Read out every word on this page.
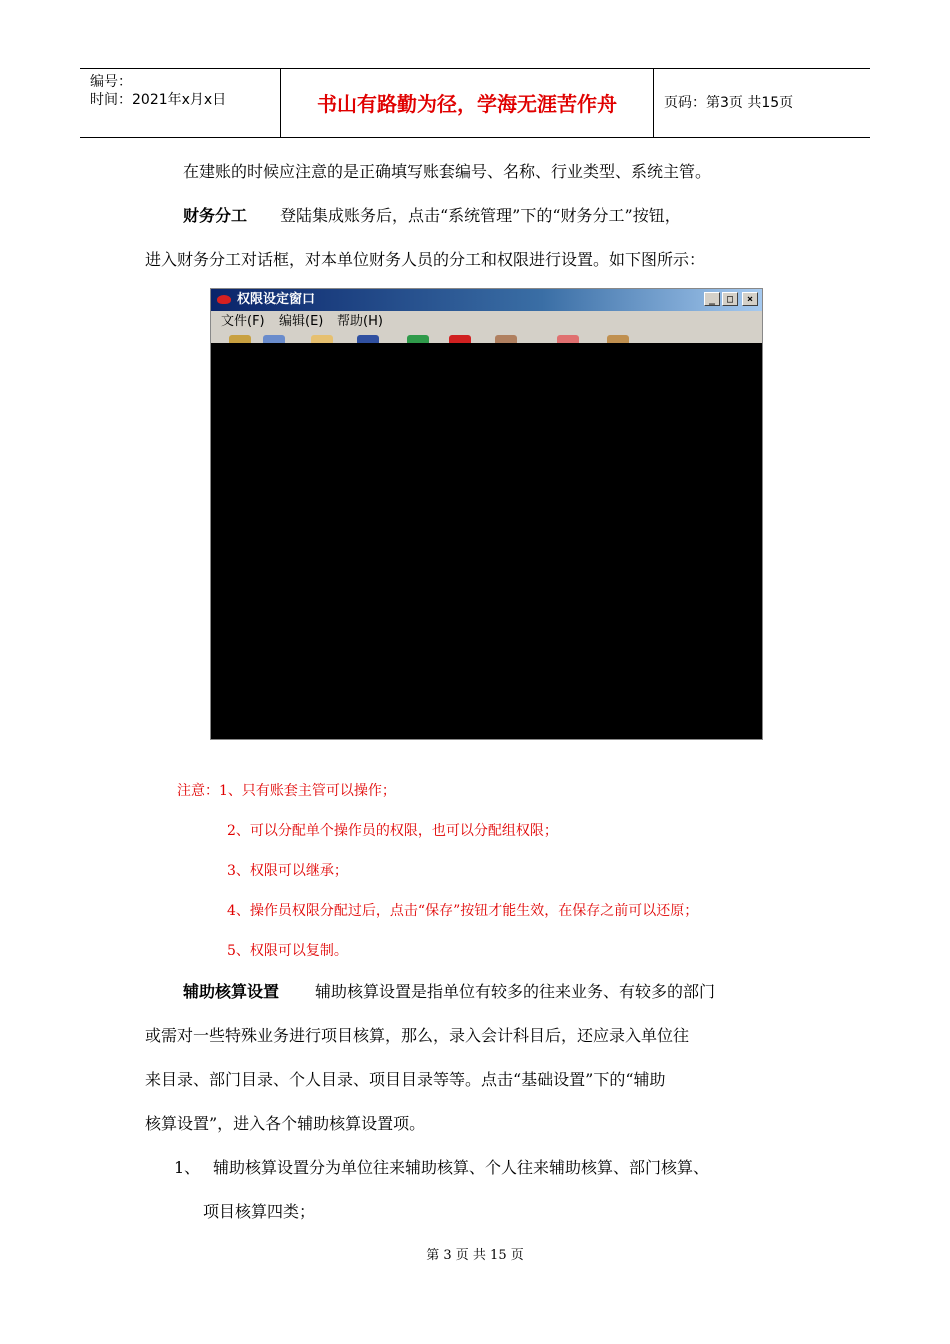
编号：
时间：2021年x月x日	书山有路勤为径，学海无涯苦作舟	页码：第3页 共15页
在建账的时候应注意的是正确填写账套编号、名称、行业类型、系统主管。
财务分工 登陆集成账务后，点击“系统管理”下的“财务分工”按钮，
进入财务分工对话框，对本单位财务人员的分工和权限进行设置。如下图所示：
权限设定窗口	_	□	×
文件(F) 编辑(E) 帮助(H)
注意：1、只有账套主管可以操作；
2、可以分配单个操作员的权限，也可以分配组权限；
3、权限可以继承；
4、操作员权限分配过后，点击“保存”按钮才能生效，在保存之前可以还原；
5、权限可以复制。
辅助核算设置 辅助核算设置是指单位有较多的往来业务、有较多的部门
或需对一些特殊业务进行项目核算，那么，录入会计科目后，还应录入单位往
来目录、部门目录、个人目录、项目目录等等。点击“基础设置”下的“辅助
核算设置”，进入各个辅助核算设置项。
1、 辅助核算设置分为单位往来辅助核算、个人往来辅助核算、部门核算、
项目核算四类；
第 3 页 共 15 页
